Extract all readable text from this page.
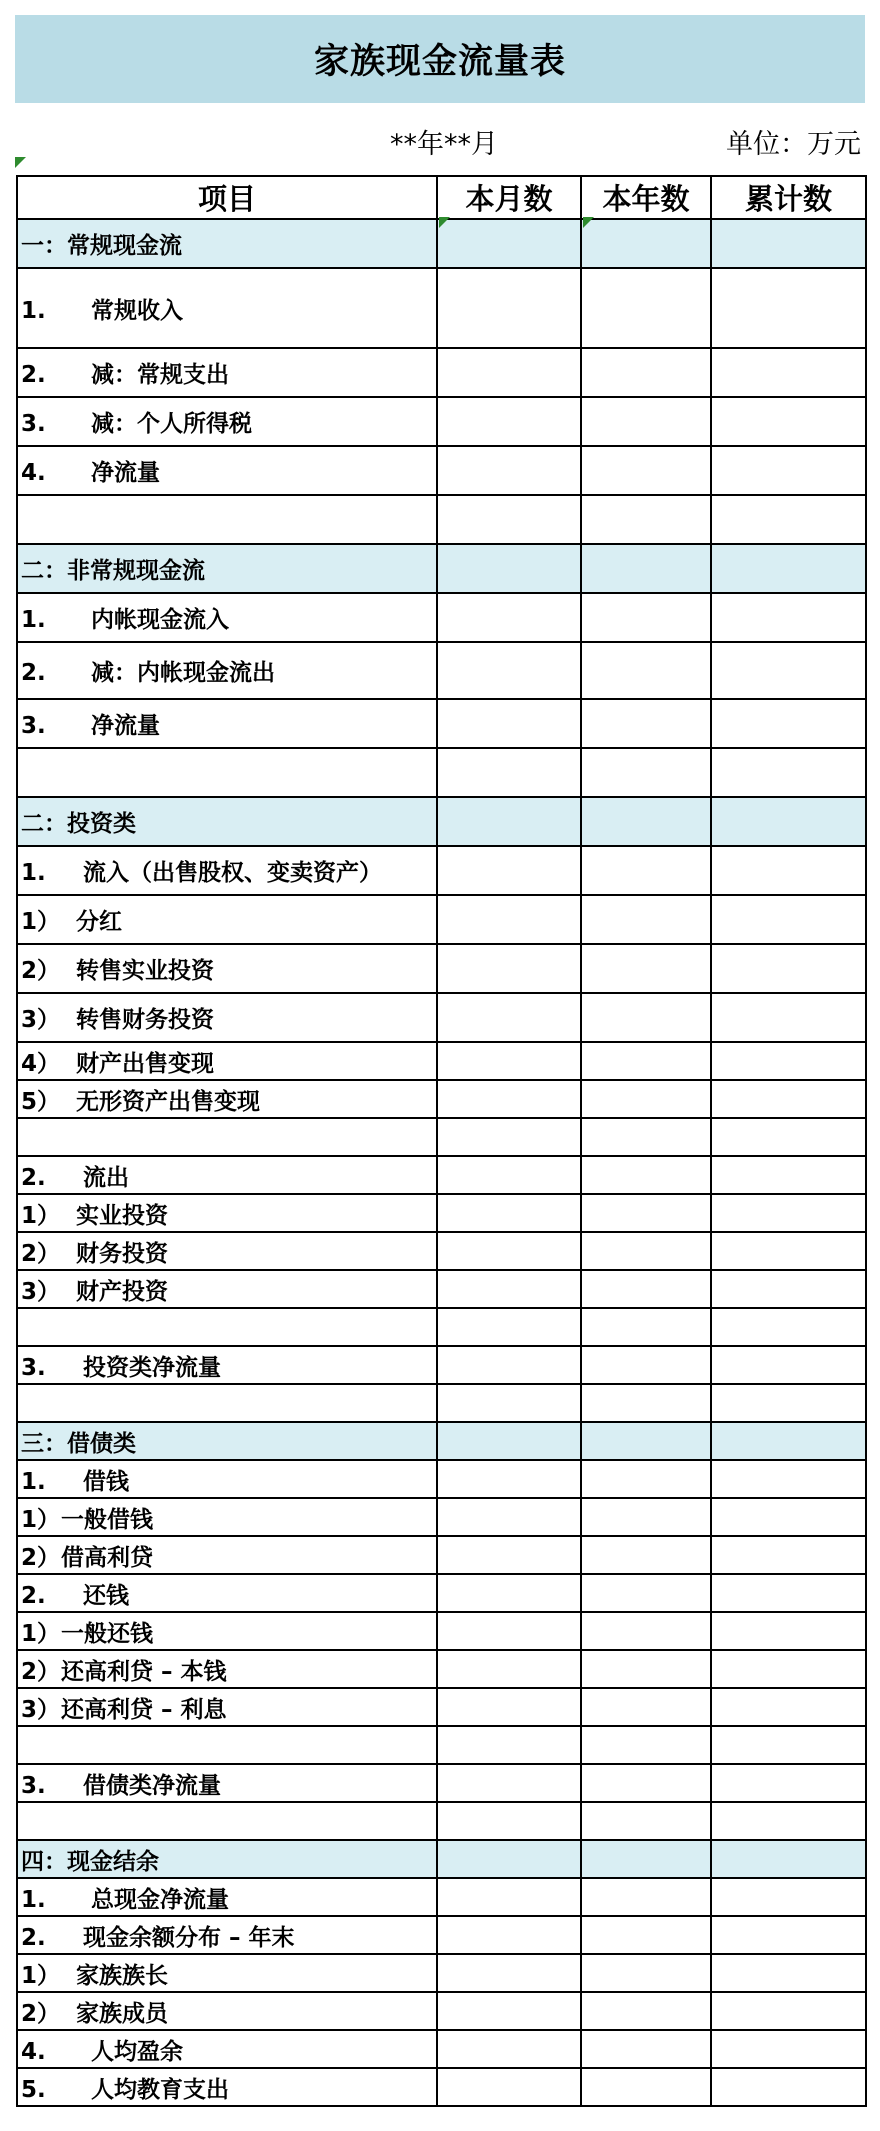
家族现金流量表
**年**月	单位：万元
项目	本月数	本年数	累计数
一：常规现金流			
1. 常规收入			
2. 减：常规支出			
3. 减：个人所得税			
4. 净流量			

二：非常规现金流			
1. 内帐现金流入			
2. 减：内帐现金流出			
3. 净流量			

二：投资类			
1. 流入（出售股权、变卖资产）			
1） 分红			
2） 转售实业投资			
3） 转售财务投资			
4） 财产出售变现			
5） 无形资产出售变现			

2. 流出			
1） 实业投资			
2） 财务投资			
3） 财产投资			

3. 投资类净流量			

三：借债类			
1. 借钱			
1）一般借钱			
2）借高利贷			
2. 还钱			
1）一般还钱			
2）还高利贷 – 本钱			
3）还高利贷 – 利息			

3. 借债类净流量			

四：现金结余			
1. 总现金净流量			
2. 现金余额分布 – 年末			
1） 家族族长			
2） 家族成员			
4. 人均盈余			
5. 人均教育支出			
